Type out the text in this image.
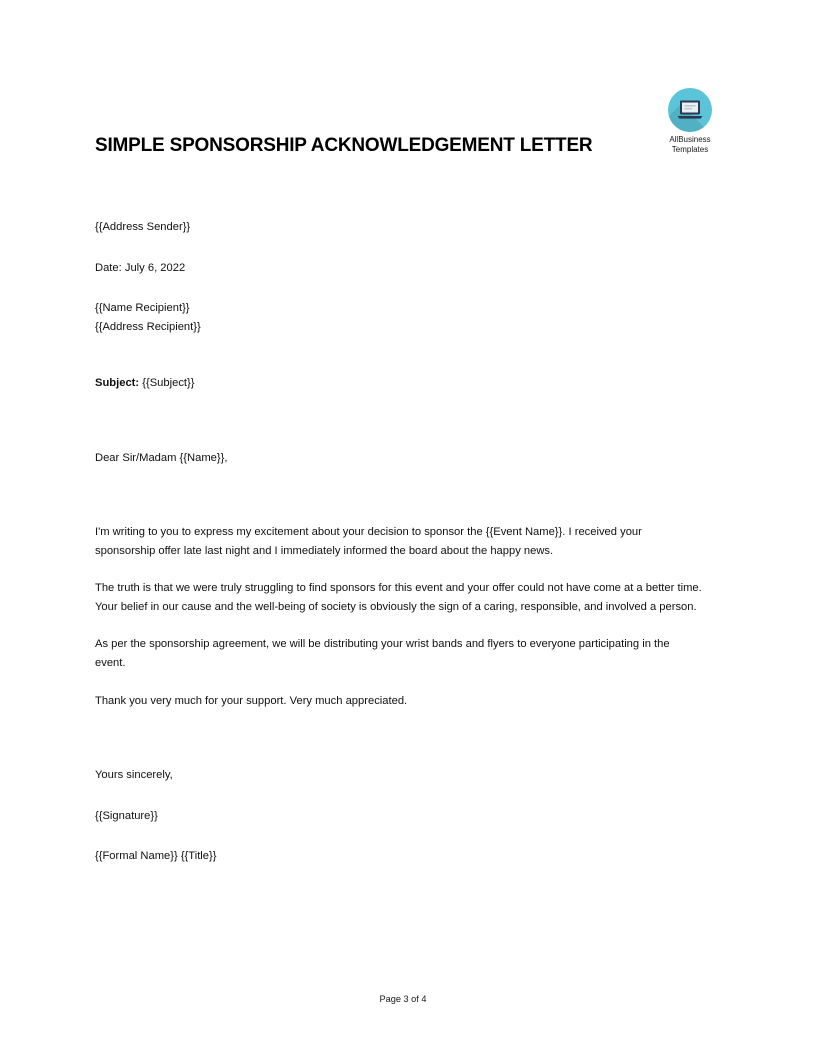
AllBusiness
Templates
SIMPLE SPONSORSHIP ACKNOWLEDGEMENT LETTER
{{Address Sender}}
Date: July 6, 2022
{{Name Recipient}}
{{Address Recipient}}
Subject: {{Subject}}
Dear Sir/Madam {{Name}},

I'm writing to you to express my excitement about your decision to sponsor the {{Event Name}}. I received your sponsorship offer late last night and I immediately informed the board about the happy news.

The truth is that we were truly struggling to find sponsors for this event and your offer could not have come at a better time. Your belief in our cause and the well-being of society is obviously the sign of a caring, responsible, and involved a person.

As per the sponsorship agreement, we will be distributing your wrist bands and flyers to everyone participating in the event.

Thank you very much for your support. Very much appreciated.

Yours sincerely,
{{Signature}}
{{Formal Name}} {{Title}}
Page 3 of 4
